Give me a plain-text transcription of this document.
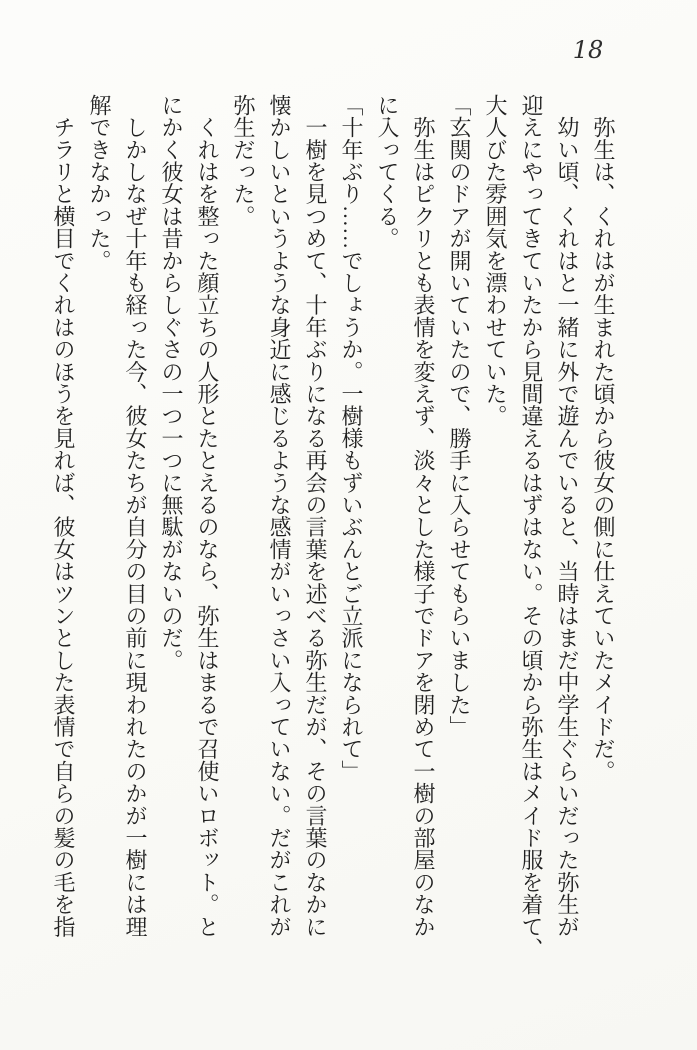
18
　弥生は、くれはが生まれた頃から彼女の側に仕えていたメイドだ。
　幼い頃、くれはと一緒に外で遊んでいると、当時はまだ中学生ぐらいだった弥生が
迎えにやってきていたから見間違えるはずはない。その頃から弥生はメイド服を着て、
大人びた雰囲気を漂わせていた。
「玄関のドアが開いていたので、勝手に入らせてもらいました」
　弥生はピクリとも表情を変えず、淡々とした様子でドアを閉めて一樹の部屋のなか
に入ってくる。
「十年ぶり……でしょうか。一樹様もずいぶんとご立派になられて」
　一樹を見つめて、十年ぶりになる再会の言葉を述べる弥生だが、その言葉のなかに
懐かしいというような身近に感じるような感情がいっさい入っていない。だがこれが
弥生だった。
　くれはを整った顔立ちの人形とたとえるのなら、弥生はまるで召使いロボット。と
にかく彼女は昔からしぐさの一つ一つに無駄がないのだ。
　しかしなぜ十年も経った今、彼女たちが自分の目の前に現われたのかが一樹には理
解できなかった。
　チラリと横目でくれはのほうを見れば、彼女はツンとした表情で自らの髪の毛を指
